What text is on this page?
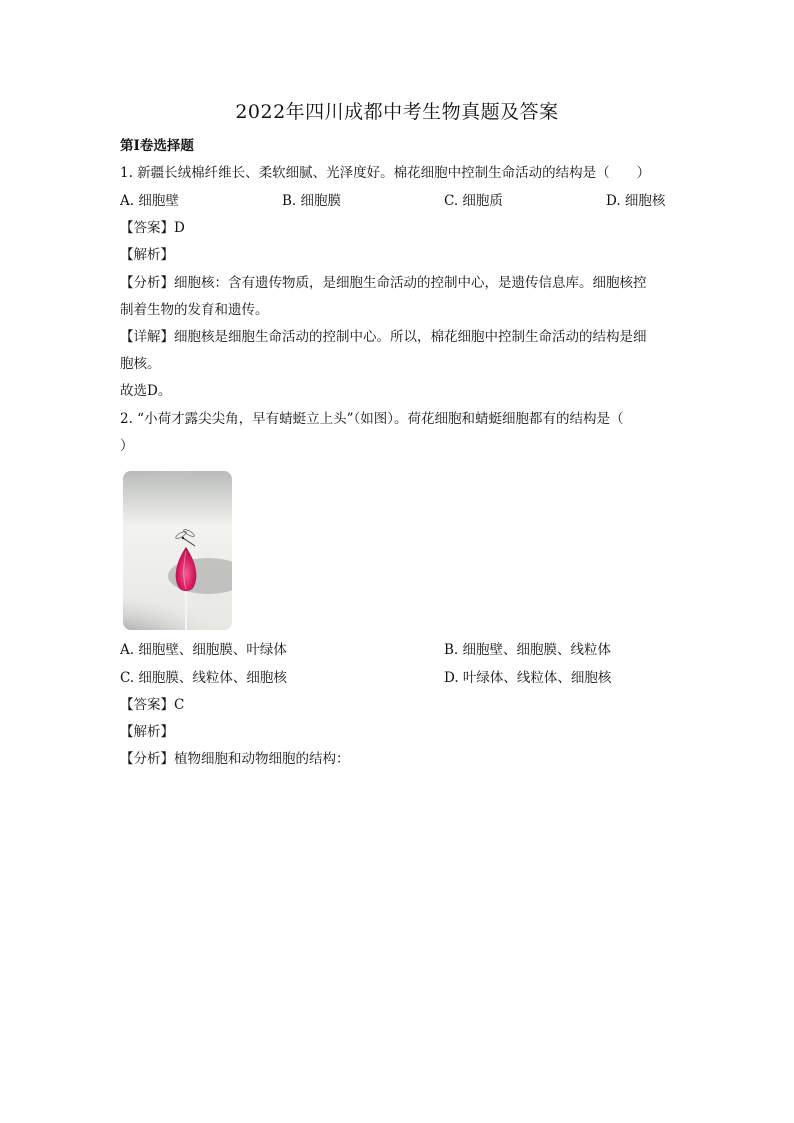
2022年四川成都中考生物真题及答案
第I卷选择题
1. 新疆长绒棉纤维长、柔软细腻、光泽度好。棉花细胞中控制生命活动的结构是（　　）
A. 细胞壁	B. 细胞膜	C. 细胞质	D. 细胞核
【答案】D
【解析】
【分析】细胞核：含有遗传物质，是细胞生命活动的控制中心，是遗传信息库。细胞核控
制着生物的发育和遗传。
【详解】细胞核是细胞生命活动的控制中心。所以，棉花细胞中控制生命活动的结构是细
胞核。
故选D。
2. “小荷才露尖尖角，早有蜻蜓立上头”（如图）。荷花细胞和蜻蜓细胞都有的结构是（
）
A. 细胞壁、细胞膜、叶绿体	B. 细胞壁、细胞膜、线粒体
C. 细胞膜、线粒体、细胞核	D. 叶绿体、线粒体、细胞核
【答案】C
【解析】
【分析】植物细胞和动物细胞的结构：
